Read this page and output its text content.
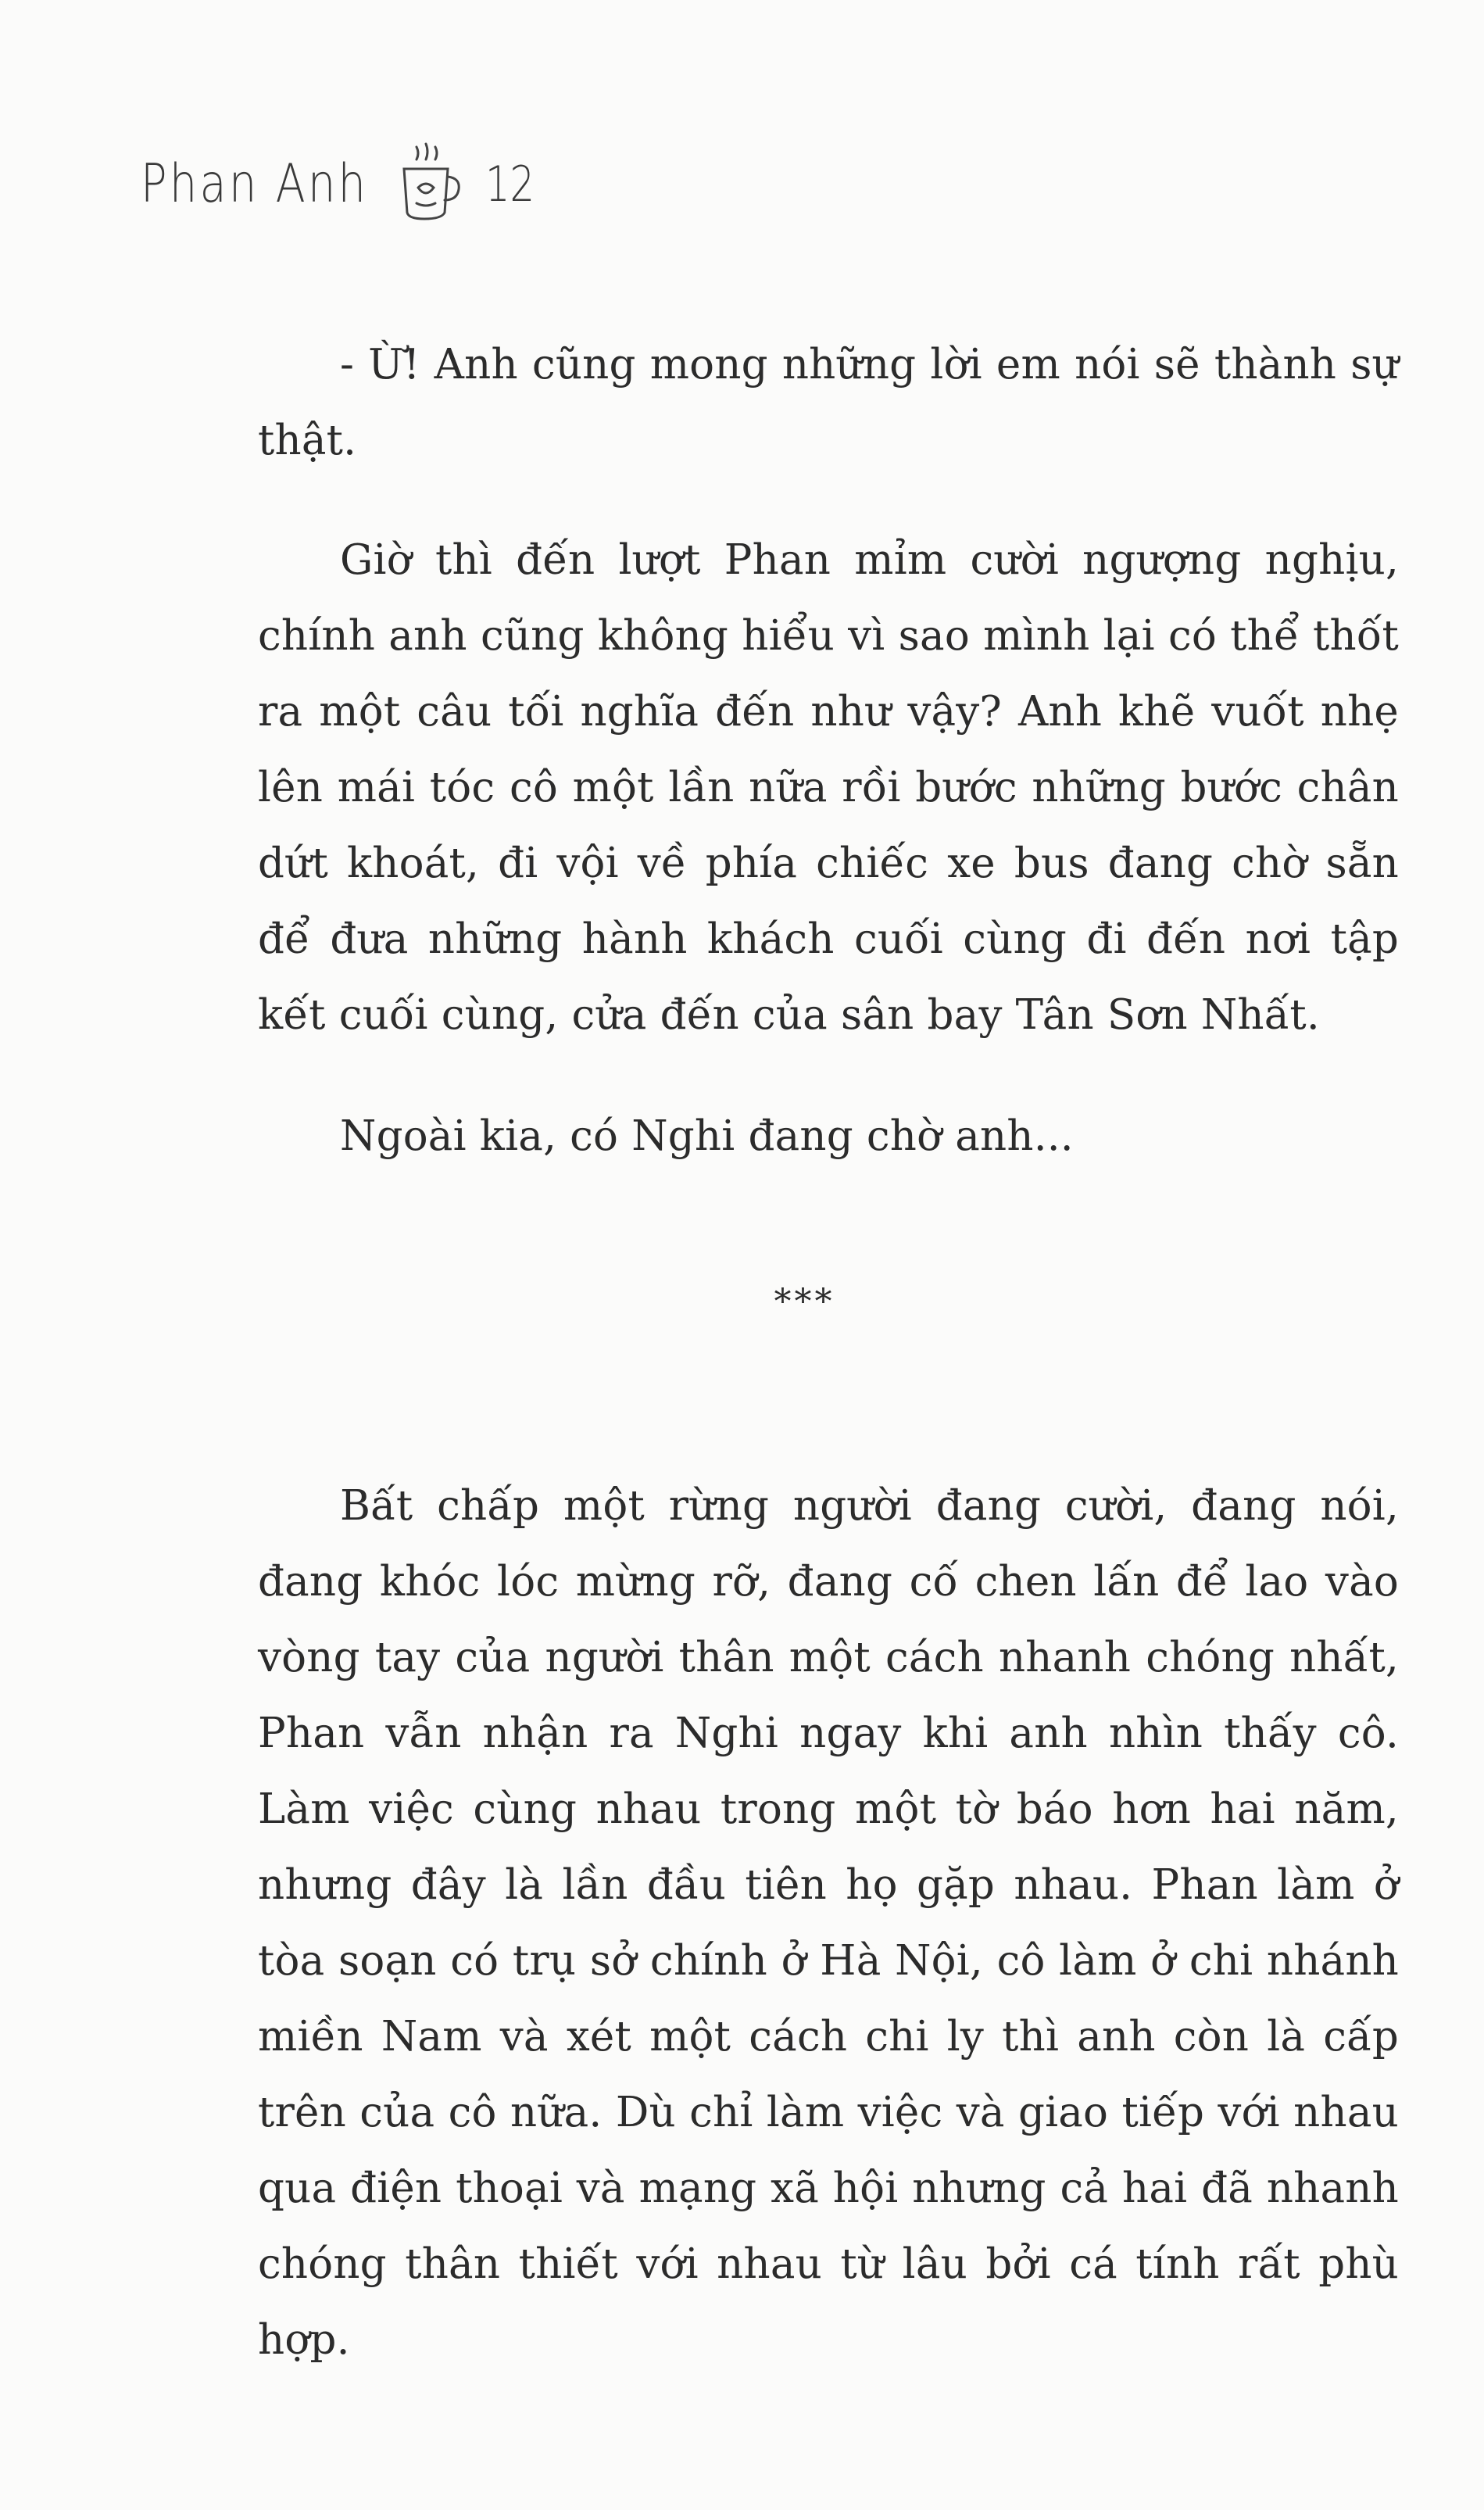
Phan Anh 12

- Ừ! Anh cũng mong những lời em nói sẽ thành sự thật.

Giờ thì đến lượt Phan mỉm cười ngượng nghịu, chính anh cũng không hiểu vì sao mình lại có thể thốt ra một câu tối nghĩa đến như vậy? Anh khẽ vuốt nhẹ lên mái tóc cô một lần nữa rồi bước những bước chân dứt khoát, đi vội về phía chiếc xe bus đang chờ sẵn để đưa những hành khách cuối cùng đi đến nơi tập kết cuối cùng, cửa đến của sân bay Tân Sơn Nhất.

Ngoài kia, có Nghi đang chờ anh...

***

Bất chấp một rừng người đang cười, đang nói, đang khóc lóc mừng rỡ, đang cố chen lấn để lao vào vòng tay của người thân một cách nhanh chóng nhất, Phan vẫn nhận ra Nghi ngay khi anh nhìn thấy cô. Làm việc cùng nhau trong một tờ báo hơn hai năm, nhưng đây là lần đầu tiên họ gặp nhau. Phan làm ở tòa soạn có trụ sở chính ở Hà Nội, cô làm ở chi nhánh miền Nam và xét một cách chi ly thì anh còn là cấp trên của cô nữa. Dù chỉ làm việc và giao tiếp với nhau qua điện thoại và mạng xã hội nhưng cả hai đã nhanh chóng thân thiết với nhau từ lâu bởi cá tính rất phù hợp.
